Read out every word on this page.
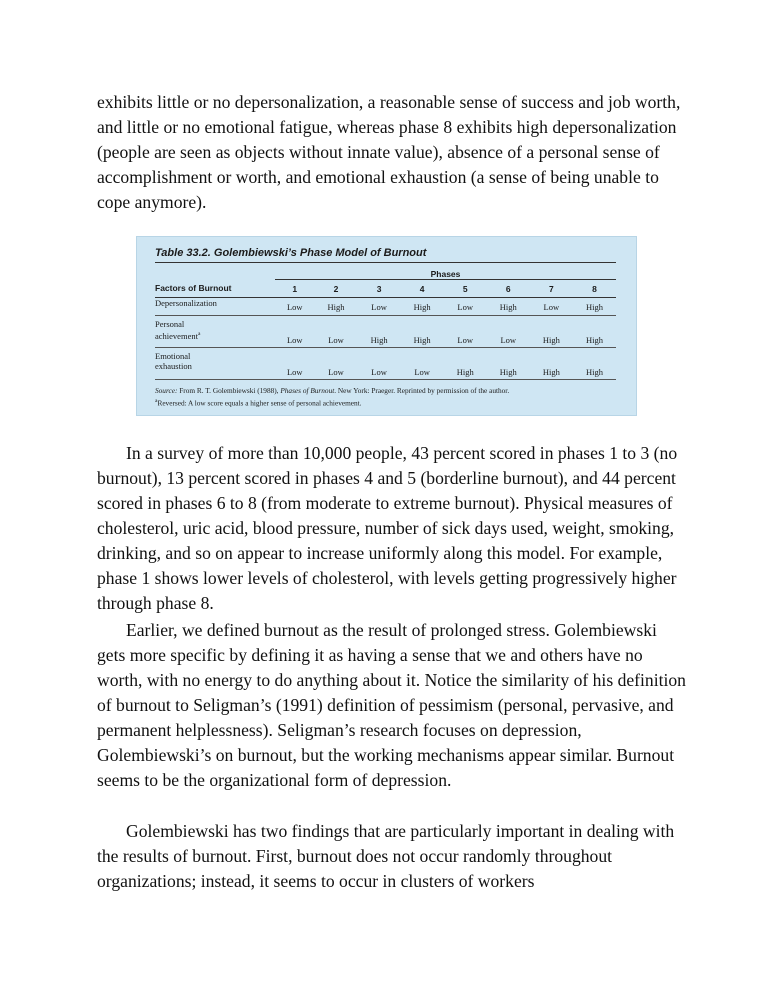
exhibits little or no depersonalization, a reasonable sense of success and job worth, and little or no emotional fatigue, whereas phase 8 exhibits high depersonalization (people are seen as objects without innate value), absence of a personal sense of accomplishment or worth, and emotional exhaustion (a sense of being unable to cope anymore).

Table 33.2. Golembiewski’s Phase Model of Burnout
	Phases							
Factors of Burnout	1	2	3	4	5	6	7	8
Depersonalization	Low	High	Low	High	Low	High	Low	High
Personal
achievement$^a$	Low	Low	High	High	Low	Low	High	High
Emotional
exhaustion	Low	Low	Low	Low	High	High	High	High
Source: From R. T. Golembiewski (1988), Phases of Burnout. New York: Praeger. Reprinted by permission of the author.
$^a$Reversed: A low score equals a higher sense of personal achievement.

In a survey of more than 10,000 people, 43 percent scored in phases 1 to 3 (no burnout), 13 percent scored in phases 4 and 5 (borderline burnout), and 44 percent scored in phases 6 to 8 (from moderate to extreme burnout). Physical measures of cholesterol, uric acid, blood pressure, number of sick days used, weight, smoking, drinking, and so on appear to increase uniformly along this model. For example, phase 1 shows lower levels of cholesterol, with levels getting progressively higher through phase 8.

Earlier, we defined burnout as the result of prolonged stress. Golembiewski gets more specific by defining it as having a sense that we and others have no worth, with no energy to do anything about it. Notice the similarity of his definition of burnout to Seligman’s (1991) definition of pessimism (personal, pervasive, and permanent helplessness). Seligman’s research focuses on depression, Golembiewski’s on burnout, but the working mechanisms appear similar. Burnout seems to be the organizational form of depression.

Golembiewski has two findings that are particularly important in dealing with the results of burnout. First, burnout does not occur randomly throughout organizations; instead, it seems to occur in clusters of workers
